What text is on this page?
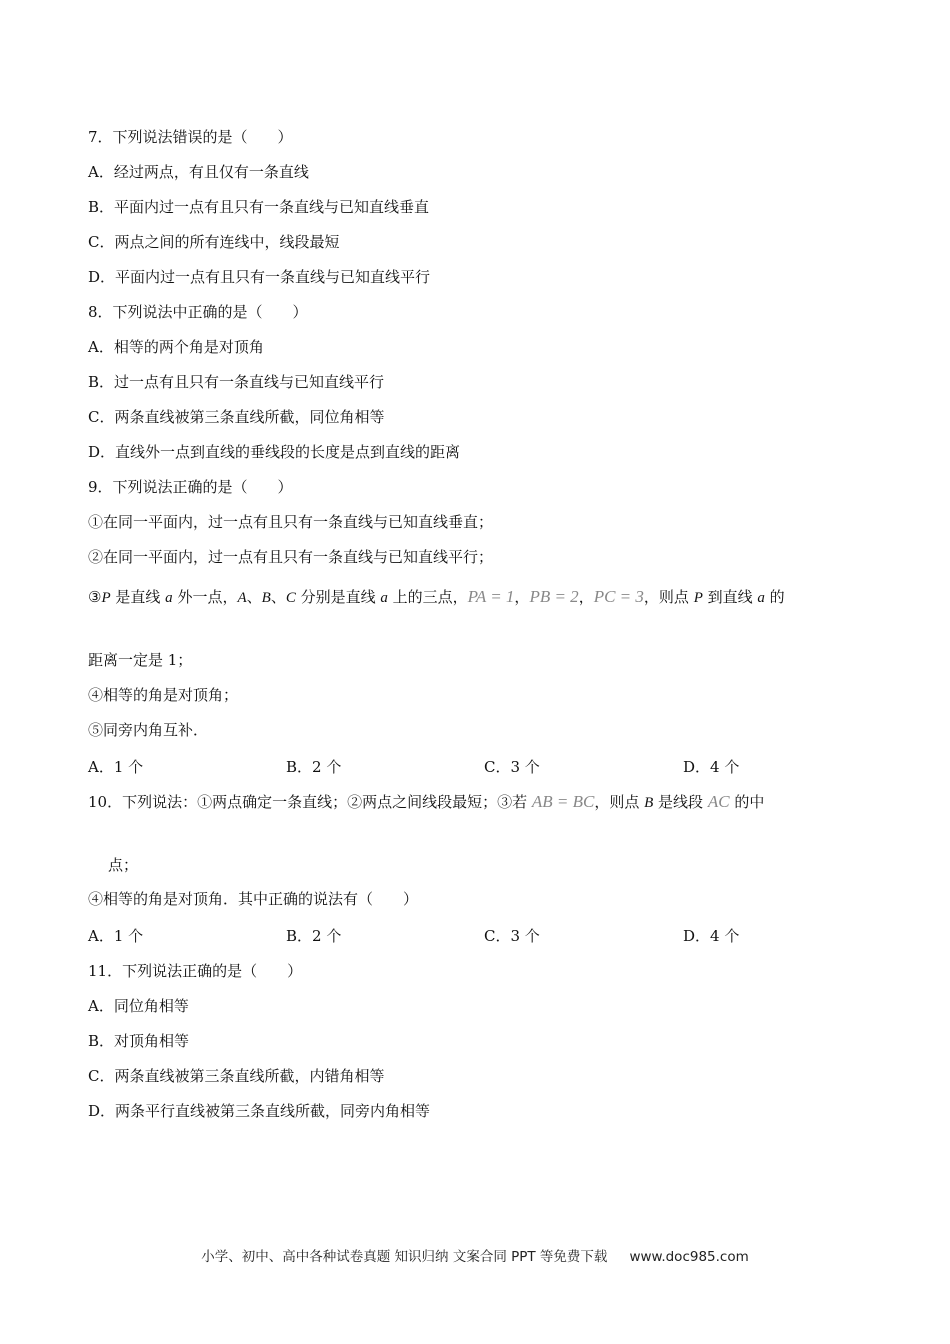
7．下列说法错误的是（　　）
A．经过两点，有且仅有一条直线
B．平面内过一点有且只有一条直线与已知直线垂直
C．两点之间的所有连线中，线段最短
D．平面内过一点有且只有一条直线与已知直线平行
8．下列说法中正确的是（　　）
A．相等的两个角是对顶角
B．过一点有且只有一条直线与已知直线平行
C．两条直线被第三条直线所截，同位角相等
D．直线外一点到直线的垂线段的长度是点到直线的距离
9．下列说法正确的是（　　）
①在同一平面内，过一点有且只有一条直线与已知直线垂直；
②在同一平面内，过一点有且只有一条直线与已知直线平行；
③P 是直线 a 外一点，A、B、C 分别是直线 a 上的三点，PA = 1，PB = 2，PC = 3，则点 P 到直线 a 的
距离一定是 1；
④相等的角是对顶角；
⑤同旁内角互补．
A．1 个	B．2 个	C．3 个	D．4 个
10．下列说法：①两点确定一条直线；②两点之间线段最短；③若 AB = BC，则点 B 是线段 AC 的中
点；
④相等的角是对顶角．其中正确的说法有（　　）
A．1 个	B．2 个	C．3 个	D．4 个
11．下列说法正确的是（　　）
A．同位角相等
B．对顶角相等
C．两条直线被第三条直线所截，内错角相等
D．两条平行直线被第三条直线所截，同旁内角相等
小学、初中、高中各种试卷真题 知识归纳 文案合同 PPT 等免费下载 www.doc985.com
